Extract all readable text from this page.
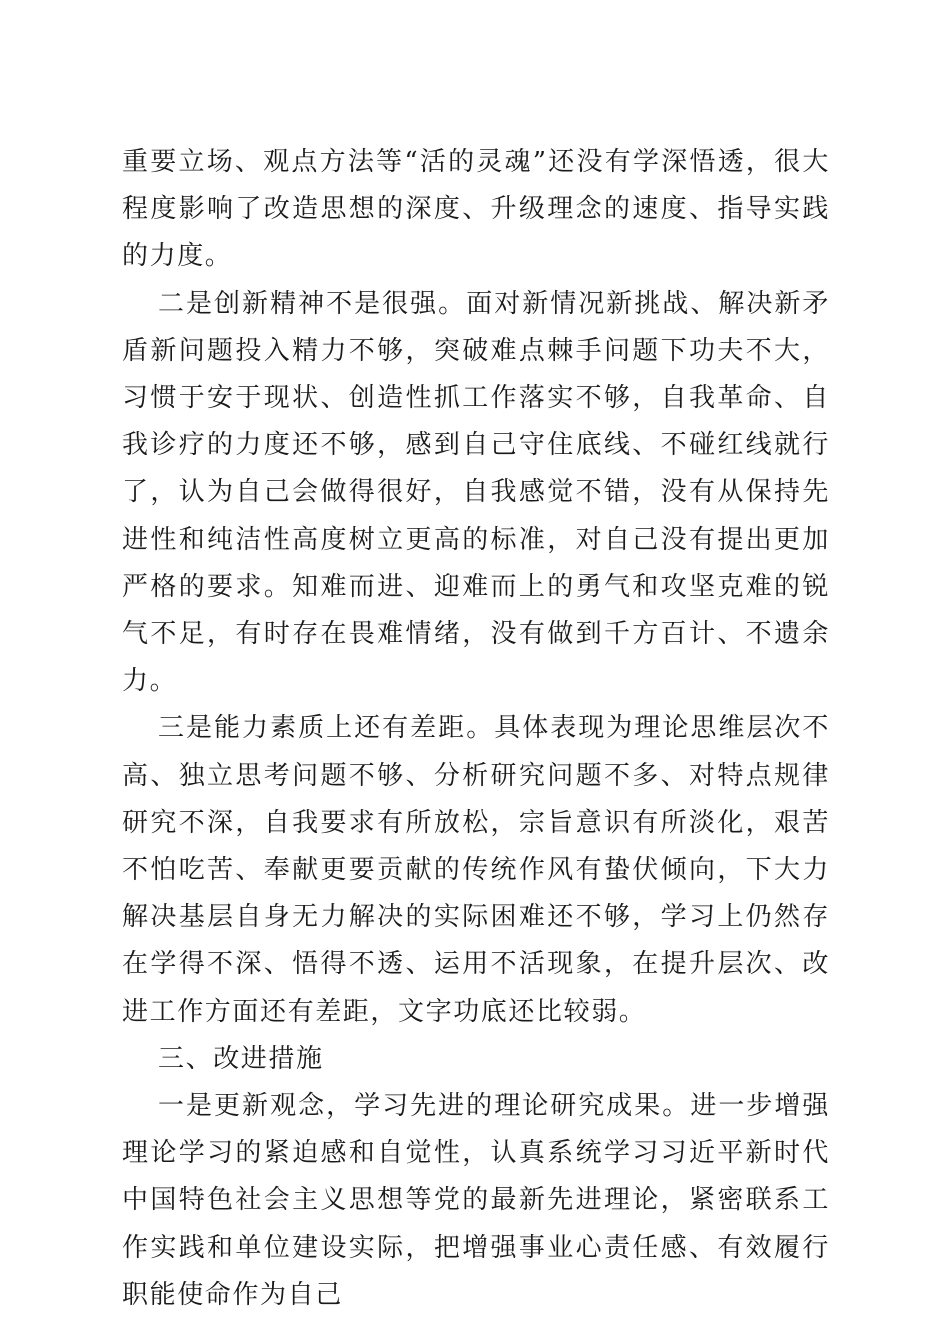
重要立场、观点方法等“活的灵魂”还没有学深悟透，很大程度影响了改造思想的深度、升级理念的速度、指导实践的力度。

二是创新精神不是很强。面对新情况新挑战、解决新矛盾新问题投入精力不够，突破难点棘手问题下功夫不大，习惯于安于现状、创造性抓工作落实不够，自我革命、自我诊疗的力度还不够，感到自己守住底线、不碰红线就行了，认为自己会做得很好，自我感觉不错，没有从保持先进性和纯洁性高度树立更高的标准，对自己没有提出更加严格的要求。知难而进、迎难而上的勇气和攻坚克难的锐气不足，有时存在畏难情绪，没有做到千方百计、不遗余力。

三是能力素质上还有差距。具体表现为理论思维层次不高、独立思考问题不够、分析研究问题不多、对特点规律研究不深，自我要求有所放松，宗旨意识有所淡化，艰苦不怕吃苦、奉献更要贡献的传统作风有蛰伏倾向，下大力解决基层自身无力解决的实际困难还不够，学习上仍然存在学得不深、悟得不透、运用不活现象，在提升层次、改进工作方面还有差距，文字功底还比较弱。

三、改进措施

一是更新观念，学习先进的理论研究成果。进一步增强理论学习的紧迫感和自觉性，认真系统学习习近平新时代中国特色社会主义思想等党的最新先进理论，紧密联系工作实践和单位建设实际，把增强事业心责任感、有效履行职能使命作为自己
